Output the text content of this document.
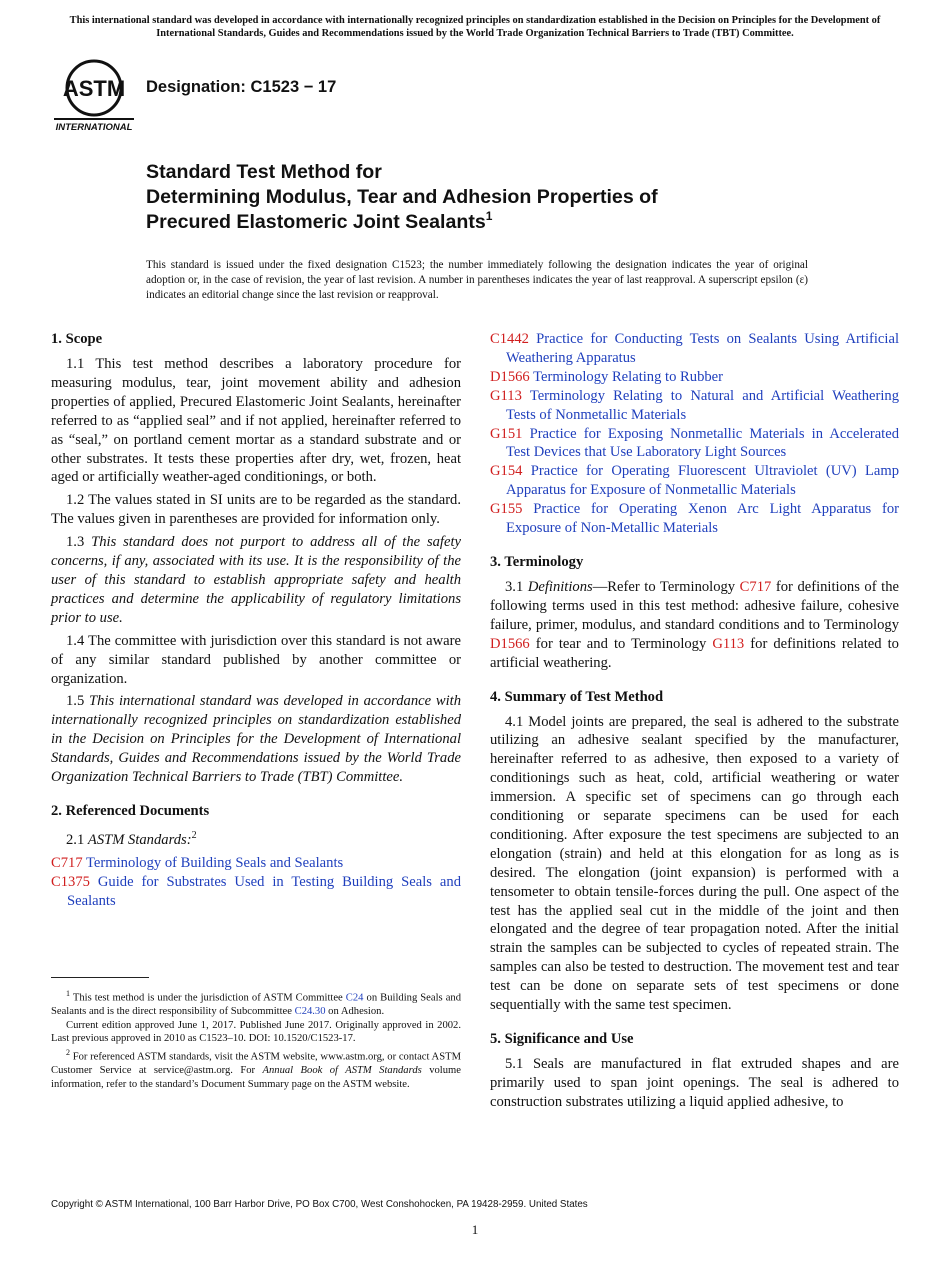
This international standard was developed in accordance with internationally recognized principles on standardization established in the Decision on Principles for the Development of International Standards, Guides and Recommendations issued by the World Trade Organization Technical Barriers to Trade (TBT) Committee.
ASTM
INTERNATIONAL
Designation: C1523 − 17
Standard Test Method for
Determining Modulus, Tear and Adhesion Properties of
Precured Elastomeric Joint Sealants$^1$
This standard is issued under the fixed designation C1523; the number immediately following the designation indicates the year of original adoption or, in the case of revision, the year of last revision. A number in parentheses indicates the year of last reapproval. A superscript epsilon (ε) indicates an editorial change since the last revision or reapproval.
1. Scope

1.1 This test method describes a laboratory procedure for measuring modulus, tear, joint movement ability and adhesion properties of applied, Precured Elastomeric Joint Sealants, hereinafter referred to as “applied seal” and if not applied, hereinafter referred to as “seal,” on portland cement mortar as a standard substrate and or other substrates. It tests these properties after dry, wet, frozen, heat aged or artificially weather-aged conditionings, or both.

1.2 The values stated in SI units are to be regarded as the standard. The values given in parentheses are provided for information only.

1.3 This standard does not purport to address all of the safety concerns, if any, associated with its use. It is the responsibility of the user of this standard to establish appropriate safety and health practices and determine the applicability of regulatory limitations prior to use.

1.4 The committee with jurisdiction over this standard is not aware of any similar standard published by another committee or organization.

1.5 This international standard was developed in accordance with internationally recognized principles on standardization established in the Decision on Principles for the Development of International Standards, Guides and Recommendations issued by the World Trade Organization Technical Barriers to Trade (TBT) Committee.

2. Referenced Documents

2.1 ASTM Standards:$^2$

C717 Terminology of Building Seals and Sealants
C1375 Guide for Substrates Used in Testing Building Seals and Sealants

$^1$ This test method is under the jurisdiction of ASTM Committee C24 on Building Seals and Sealants and is the direct responsibility of Subcommittee C24.30 on Adhesion.

Current edition approved June 1, 2017. Published June 2017. Originally approved in 2002. Last previous approved in 2010 as C1523–10. DOI: 10.1520/C1523-17.

$^2$ For referenced ASTM standards, visit the ASTM website, www.astm.org, or contact ASTM Customer Service at service@astm.org. For Annual Book of ASTM Standards volume information, refer to the standard’s Document Summary page on the ASTM website.

C1442 Practice for Conducting Tests on Sealants Using Artificial Weathering Apparatus
D1566 Terminology Relating to Rubber
G113 Terminology Relating to Natural and Artificial Weathering Tests of Nonmetallic Materials
G151 Practice for Exposing Nonmetallic Materials in Accelerated Test Devices that Use Laboratory Light Sources
G154 Practice for Operating Fluorescent Ultraviolet (UV) Lamp Apparatus for Exposure of Nonmetallic Materials
G155 Practice for Operating Xenon Arc Light Apparatus for Exposure of Non-Metallic Materials
3. Terminology

3.1 Definitions—Refer to Terminology C717 for definitions of the following terms used in this test method: adhesive failure, cohesive failure, primer, modulus, and standard conditions and to Terminology D1566 for tear and to Terminology G113 for definitions related to artificial weathering.

4. Summary of Test Method

4.1 Model joints are prepared, the seal is adhered to the substrate utilizing an adhesive sealant specified by the manufacturer, hereinafter referred to as adhesive, then exposed to a variety of conditionings such as heat, cold, artificial weathering or water immersion. A specific set of specimens can go through each conditioning or separate specimens can be used for each conditioning. After exposure the test specimens are subjected to an elongation (strain) and held at this elongation for as long as is desired. The elongation (joint expansion) is performed with a tensometer to obtain tensile-forces during the pull. One aspect of the test has the applied seal cut in the middle of the joint and then elongated and the degree of tear propagation noted. After the initial strain the samples can be subjected to cycles of repeated strain. The samples can also be tested to destruction. The movement test and tear test can be done on separate sets of test specimens or done sequentially with the same test specimen.

5. Significance and Use

5.1 Seals are manufactured in flat extruded shapes and are primarily used to span joint openings. The seal is adhered to construction substrates utilizing a liquid applied adhesive, to

Copyright © ASTM International, 100 Barr Harbor Drive, PO Box C700, West Conshohocken, PA 19428-2959. United States
1
